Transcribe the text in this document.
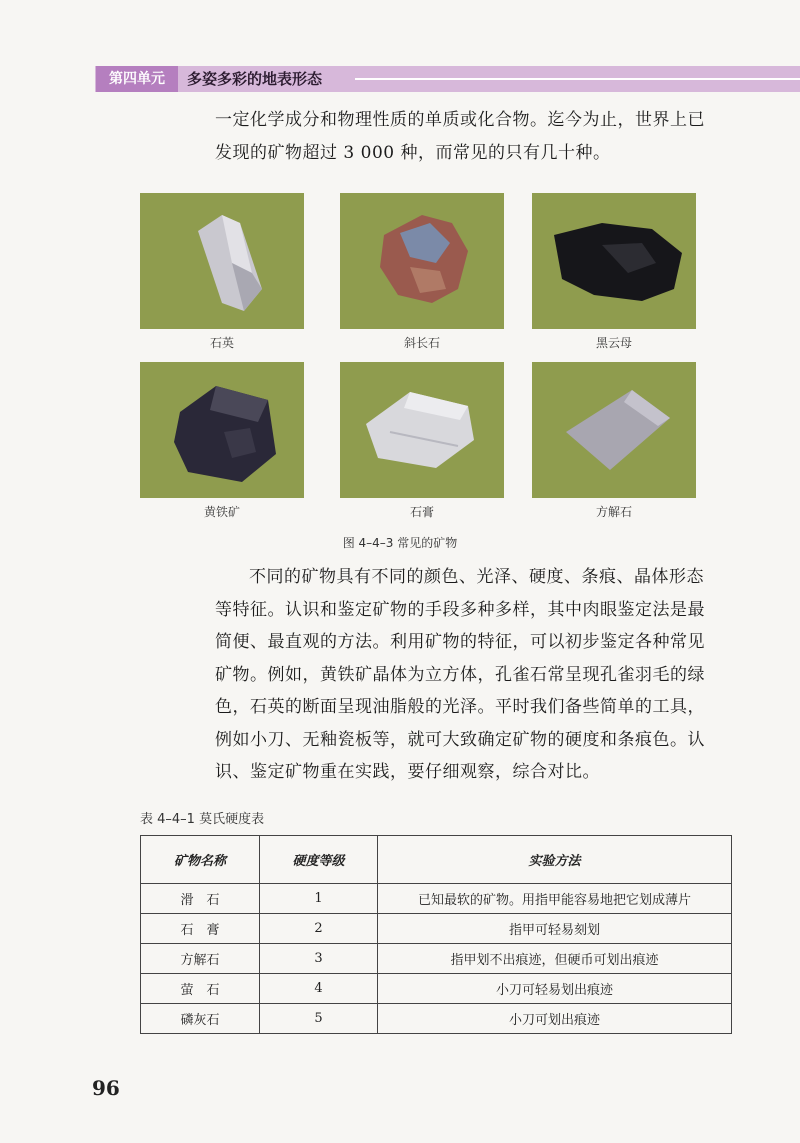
第四单元	多姿多彩的地表形态
一定化学成分和物理性质的单质或化合物。迄今为止，世界上已
发现的矿物超过 3 000 种，而常见的只有几十种。
石英	斜长石	黑云母
黄铁矿	石膏	方解石
图 4–4–3 常见的矿物
不同的矿物具有不同的颜色、光泽、硬度、条痕、晶体形态
等特征。认识和鉴定矿物的手段多种多样，其中肉眼鉴定法是最
简便、最直观的方法。利用矿物的特征，可以初步鉴定各种常见
矿物。例如，黄铁矿晶体为立方体，孔雀石常呈现孔雀羽毛的绿
色，石英的断面呈现油脂般的光泽。平时我们备些简单的工具，
例如小刀、无釉瓷板等，就可大致确定矿物的硬度和条痕色。认
识、鉴定矿物重在实践，要仔细观察，综合对比。
表 4–4–1 莫氏硬度表
矿物名称	硬度等级	实验方法
滑　石	1	已知最软的矿物。用指甲能容易地把它划成薄片
石　膏	2	指甲可轻易刻划
方解石	3	指甲划不出痕迹，但硬币可划出痕迹
萤　石	4	小刀可轻易划出痕迹
磷灰石	5	小刀可划出痕迹
96
